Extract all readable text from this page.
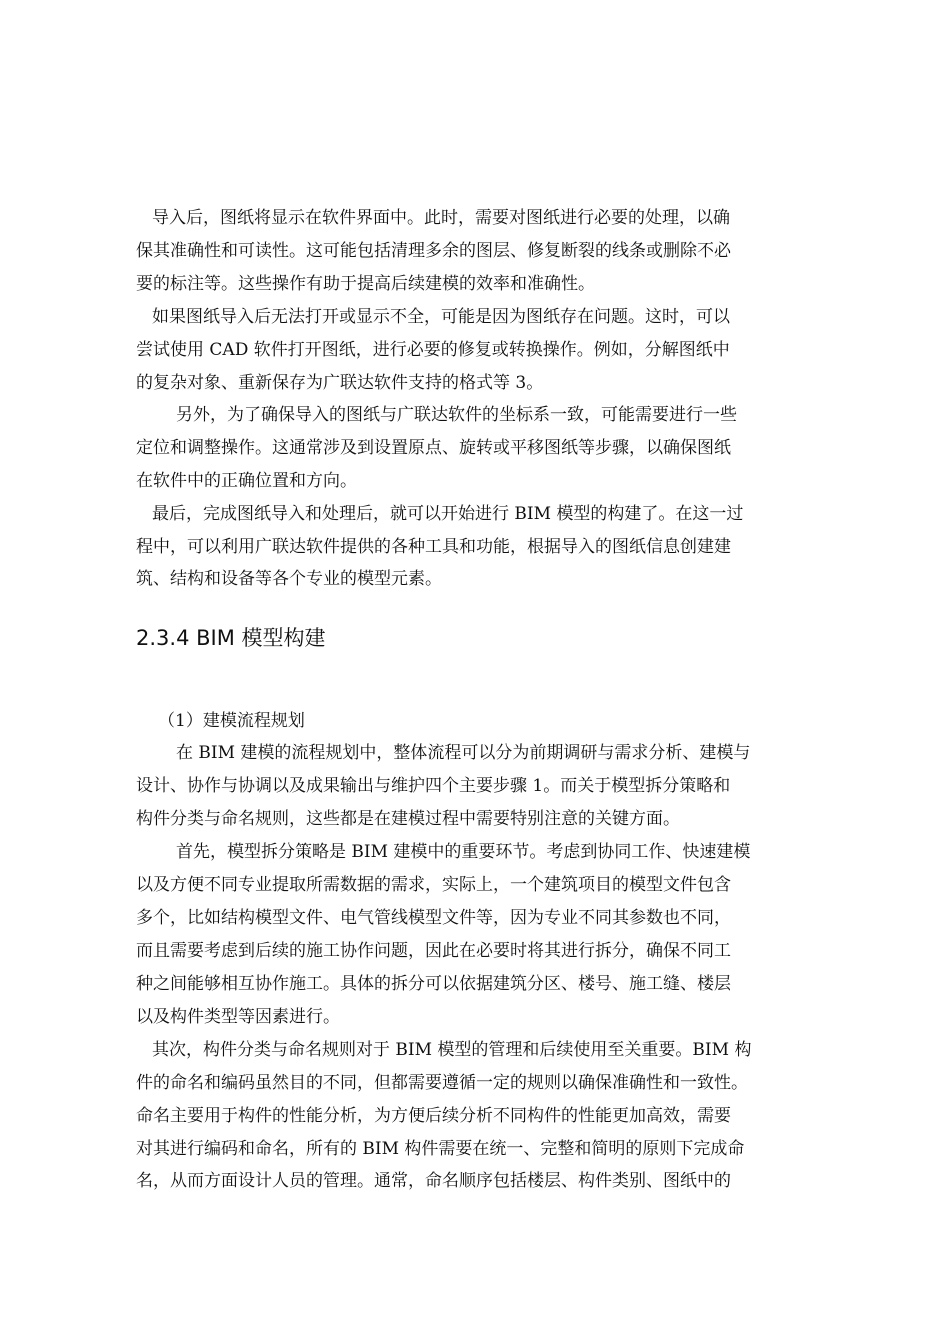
导入后，图纸将显示在软件界面中。此时，需要对图纸进行必要的处理，以确
保其准确性和可读性。这可能包括清理多余的图层、修复断裂的线条或删除不必
要的标注等。这些操作有助于提高后续建模的效率和准确性。
如果图纸导入后无法打开或显示不全，可能是因为图纸存在问题。这时，可以
尝试使用 CAD 软件打开图纸，进行必要的修复或转换操作。例如，分解图纸中
的复杂对象、重新保存为广联达软件支持的格式等 3。
另外，为了确保导入的图纸与广联达软件的坐标系一致，可能需要进行一些
定位和调整操作。这通常涉及到设置原点、旋转或平移图纸等步骤，以确保图纸
在软件中的正确位置和方向。
最后，完成图纸导入和处理后，就可以开始进行 BIM 模型的构建了。在这一过
程中，可以利用广联达软件提供的各种工具和功能，根据导入的图纸信息创建建
筑、结构和设备等各个专业的模型元素。
2.3.4 BIM 模型构建
（1）建模流程规划
在 BIM 建模的流程规划中，整体流程可以分为前期调研与需求分析、建模与
设计、协作与协调以及成果输出与维护四个主要步骤 1。而关于模型拆分策略和
构件分类与命名规则，这些都是在建模过程中需要特别注意的关键方面。
首先，模型拆分策略是 BIM 建模中的重要环节。考虑到协同工作、快速建模
以及方便不同专业提取所需数据的需求，实际上，一个建筑项目的模型文件包含
多个，比如结构模型文件、电气管线模型文件等，因为专业不同其参数也不同，
而且需要考虑到后续的施工协作问题，因此在必要时将其进行拆分，确保不同工
种之间能够相互协作施工。具体的拆分可以依据建筑分区、楼号、施工缝、楼层
以及构件类型等因素进行。
其次，构件分类与命名规则对于 BIM 模型的管理和后续使用至关重要。BIM 构
件的命名和编码虽然目的不同，但都需要遵循一定的规则以确保准确性和一致性。
命名主要用于构件的性能分析，为方便后续分析不同构件的性能更加高效，需要
对其进行编码和命名，所有的 BIM 构件需要在统一、完整和简明的原则下完成命
名，从而方面设计人员的管理。通常，命名顺序包括楼层、构件类别、图纸中的
